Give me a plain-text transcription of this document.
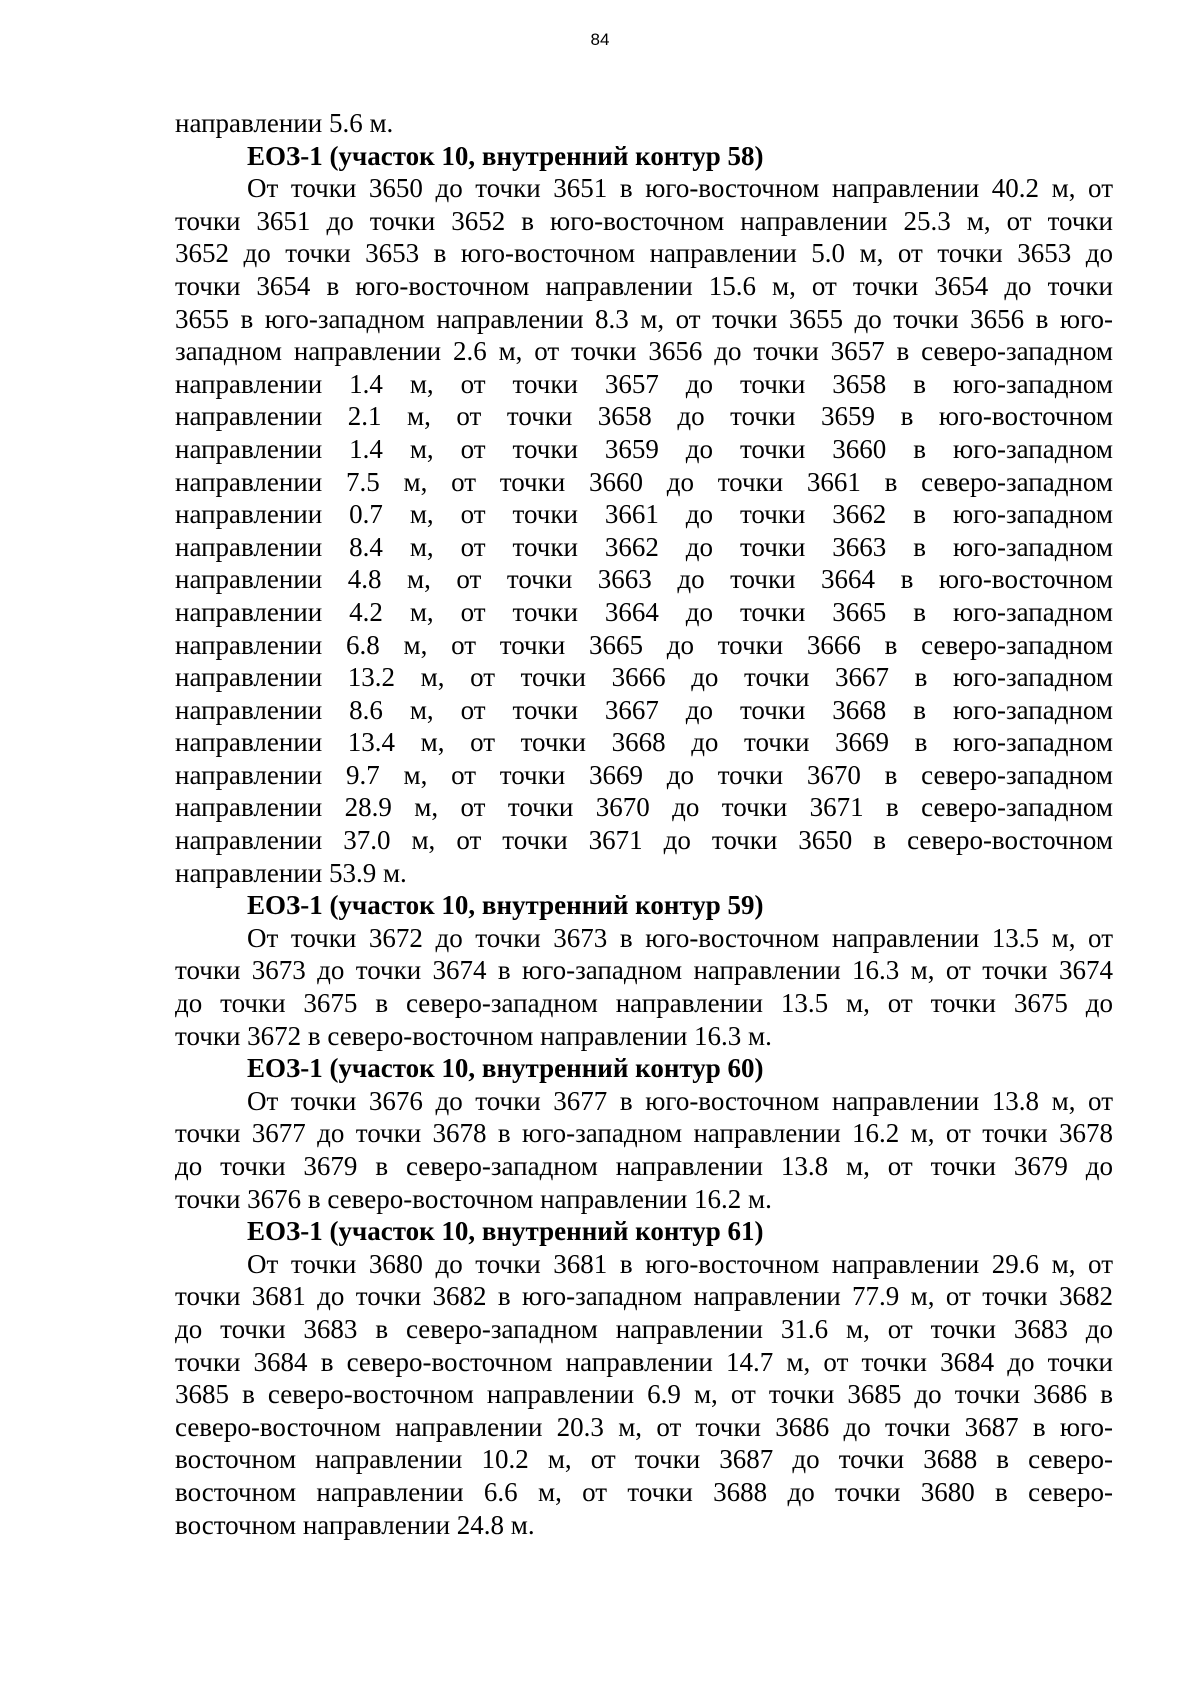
84

направлении 5.6 м.

ЕОЗ-1 (участок 10, внутренний контур 58)

От точки 3650 до точки 3651 в юго-восточном направлении 40.2 м, от

точки 3651 до точки 3652 в юго-восточном направлении 25.3 м, от точки

3652 до точки 3653 в юго-восточном направлении 5.0 м, от точки 3653 до

точки 3654 в юго-восточном направлении 15.6 м, от точки 3654 до точки

3655 в юго-западном направлении 8.3 м, от точки 3655 до точки 3656 в юго-

западном направлении 2.6 м, от точки 3656 до точки 3657 в северо-западном

направлении 1.4 м, от точки 3657 до точки 3658 в юго-западном

направлении 2.1 м, от точки 3658 до точки 3659 в юго-восточном

направлении 1.4 м, от точки 3659 до точки 3660 в юго-западном

направлении 7.5 м, от точки 3660 до точки 3661 в северо-западном

направлении 0.7 м, от точки 3661 до точки 3662 в юго-западном

направлении 8.4 м, от точки 3662 до точки 3663 в юго-западном

направлении 4.8 м, от точки 3663 до точки 3664 в юго-восточном

направлении 4.2 м, от точки 3664 до точки 3665 в юго-западном

направлении 6.8 м, от точки 3665 до точки 3666 в северо-западном

направлении 13.2 м, от точки 3666 до точки 3667 в юго-западном

направлении 8.6 м, от точки 3667 до точки 3668 в юго-западном

направлении 13.4 м, от точки 3668 до точки 3669 в юго-западном

направлении 9.7 м, от точки 3669 до точки 3670 в северо-западном

направлении 28.9 м, от точки 3670 до точки 3671 в северо-западном

направлении 37.0 м, от точки 3671 до точки 3650 в северо-восточном

направлении 53.9 м.

ЕОЗ-1 (участок 10, внутренний контур 59)

От точки 3672 до точки 3673 в юго-восточном направлении 13.5 м, от

точки 3673 до точки 3674 в юго-западном направлении 16.3 м, от точки 3674

до точки 3675 в северо-западном направлении 13.5 м, от точки 3675 до

точки 3672 в северо-восточном направлении 16.3 м.

ЕОЗ-1 (участок 10, внутренний контур 60)

От точки 3676 до точки 3677 в юго-восточном направлении 13.8 м, от

точки 3677 до точки 3678 в юго-западном направлении 16.2 м, от точки 3678

до точки 3679 в северо-западном направлении 13.8 м, от точки 3679 до

точки 3676 в северо-восточном направлении 16.2 м.

ЕОЗ-1 (участок 10, внутренний контур 61)

От точки 3680 до точки 3681 в юго-восточном направлении 29.6 м, от

точки 3681 до точки 3682 в юго-западном направлении 77.9 м, от точки 3682

до точки 3683 в северо-западном направлении 31.6 м, от точки 3683 до

точки 3684 в северо-восточном направлении 14.7 м, от точки 3684 до точки

3685 в северо-восточном направлении 6.9 м, от точки 3685 до точки 3686 в

северо-восточном направлении 20.3 м, от точки 3686 до точки 3687 в юго-

восточном направлении 10.2 м, от точки 3687 до точки 3688 в северо-

восточном направлении 6.6 м, от точки 3688 до точки 3680 в северо-

восточном направлении 24.8 м.
